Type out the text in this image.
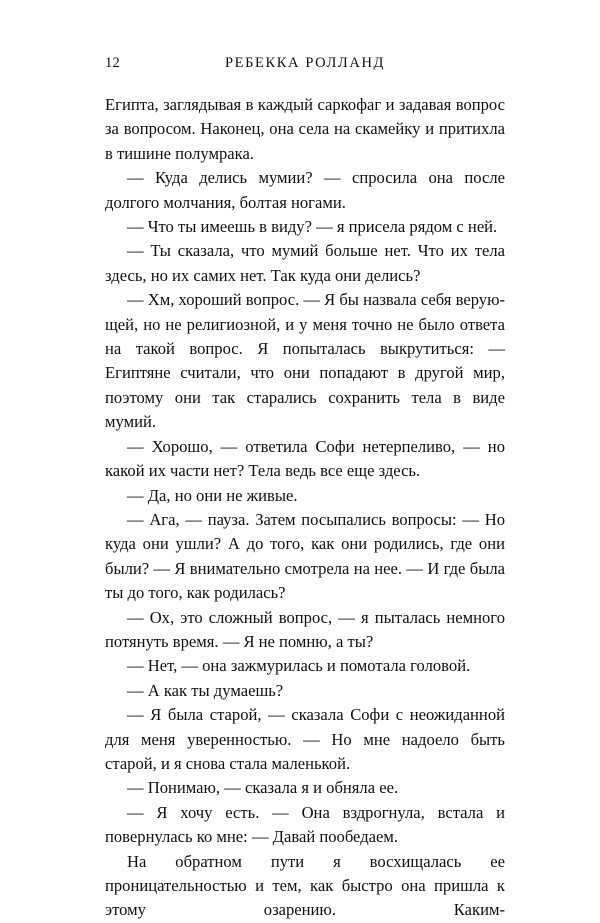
12	РЕБЕККА РОЛЛАНД

Египта, заглядывая в каждый саркофаг и задавая вопрос за вопросом. Наконец, она села на скамейку и притихла в тишине полумрака.

— Куда делись мумии? — спросила она после долгого молчания, болтая ногами.

— Что ты имеешь в виду? — я присела рядом с ней.

— Ты сказала, что мумий больше нет. Что их тела здесь, но их самих нет. Так куда они делись?

— Хм, хороший вопрос. — Я бы назвала себя верующей, но не религиозной, и у меня точно не было ответа на такой вопрос. Я попыталась выкрутиться: — Египтяне считали, что они попадают в другой мир, поэтому они так старались сохранить тела в виде мумий.

— Хорошо, — ответила Софи нетерпеливо, — но какой их части нет? Тела ведь все еще здесь.

— Да, но они не живые.

— Ага, — пауза. Затем посыпались вопросы: — Но куда они ушли? А до того, как они родились, где они были? — Я внимательно смотрела на нее. — И где была ты до того, как родилась?

— Ох, это сложный вопрос, — я пыталась немного потянуть время. — Я не помню, а ты?

— Нет, — она зажмурилась и помотала головой.

— А как ты думаешь?

— Я была старой, — сказала Софи с неожиданной для меня уверенностью. — Но мне надоело быть старой, и я снова стала маленькой.

— Понимаю, — сказала я и обняла ее.

— Я хочу есть. — Она вздрогнула, встала и повернулась ко мне: — Давай пообедаем.

На обратном пути я восхищалась ее проницательностью и тем, как быстро она пришла к этому озарению. Каким-
